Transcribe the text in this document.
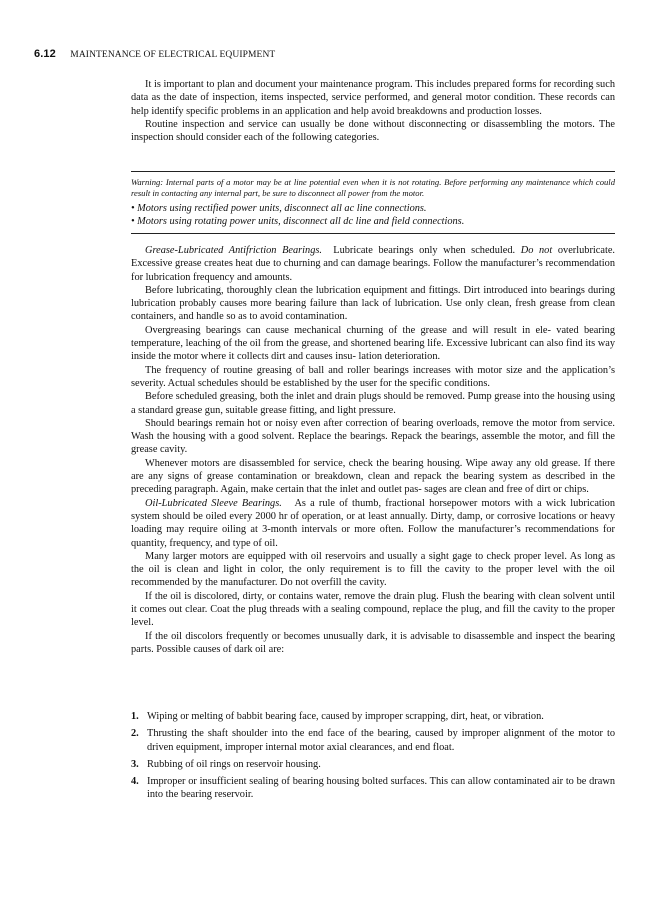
6.12 MAINTENANCE OF ELECTRICAL EQUIPMENT

It is important to plan and document your maintenance program. This includes prepared forms for recording such data as the date of inspection, items inspected, service performed, and general motor condition. These records can help identify specific problems in an application and help avoid breakdowns and production losses.

Routine inspection and service can usually be done without disconnecting or disassembling the motors. The inspection should consider each of the following categories.

Warning: Internal parts of a motor may be at line potential even when it is not rotating. Before performing any maintenance which could result in contacting any internal part, be sure to disconnect all power from the motor.

• Motors using rectified power units, disconnect all ac line connections.

• Motors using rotating power units, disconnect all dc line and field connections.

Grease-Lubricated Antifriction Bearings. Lubricate bearings only when scheduled. Do not overlubricate. Excessive grease creates heat due to churning and can damage bearings. Follow the manufacturer’s recommendation for lubrication frequency and amounts.

Before lubricating, thoroughly clean the lubrication equipment and fittings. Dirt introduced into bearings during lubrication probably causes more bearing failure than lack of lubrication. Use only clean, fresh grease from clean containers, and handle so as to avoid contamination.

Overgreasing bearings can cause mechanical churning of the grease and will result in ele- vated bearing temperature, leaching of the oil from the grease, and shortened bearing life. Excessive lubricant can also find its way inside the motor where it collects dirt and causes insu- lation deterioration.

The frequency of routine greasing of ball and roller bearings increases with motor size and the application’s severity. Actual schedules should be established by the user for the specific conditions.

Before scheduled greasing, both the inlet and drain plugs should be removed. Pump grease into the housing using a standard grease gun, suitable grease fitting, and light pressure.

Should bearings remain hot or noisy even after correction of bearing overloads, remove the motor from service. Wash the housing with a good solvent. Replace the bearings. Repack the bearings, assemble the motor, and fill the grease cavity.

Whenever motors are disassembled for service, check the bearing housing. Wipe away any old grease. If there are any signs of grease contamination or breakdown, clean and repack the bearing system as described in the preceding paragraph. Again, make certain that the inlet and outlet pas- sages are clean and free of dirt or chips.

Oil-Lubricated Sleeve Bearings. As a rule of thumb, fractional horsepower motors with a wick lubrication system should be oiled every 2000 hr of operation, or at least annually. Dirty, damp, or corrosive locations or heavy loading may require oiling at 3-month intervals or more often. Follow the manufacturer’s recommendations for quantity, frequency, and type of oil.

Many larger motors are equipped with oil reservoirs and usually a sight gage to check proper level. As long as the oil is clean and light in color, the only requirement is to fill the cavity to the proper level with the oil recommended by the manufacturer. Do not overfill the cavity.

If the oil is discolored, dirty, or contains water, remove the drain plug. Flush the bearing with clean solvent until it comes out clear. Coat the plug threads with a sealing compound, replace the plug, and fill the cavity to the proper level.

If the oil discolors frequently or becomes unusually dark, it is advisable to disassemble and inspect the bearing parts. Possible causes of dark oil are:

1. Wiping or melting of babbit bearing face, caused by improper scrapping, dirt, heat, or vibration.
2. Thrusting the shaft shoulder into the end face of the bearing, caused by improper alignment of the motor to driven equipment, improper internal motor axial clearances, and end float.
3. Rubbing of oil rings on reservoir housing.
4. Improper or insufficient sealing of bearing housing bolted surfaces. This can allow contaminated air to be drawn into the bearing reservoir.
